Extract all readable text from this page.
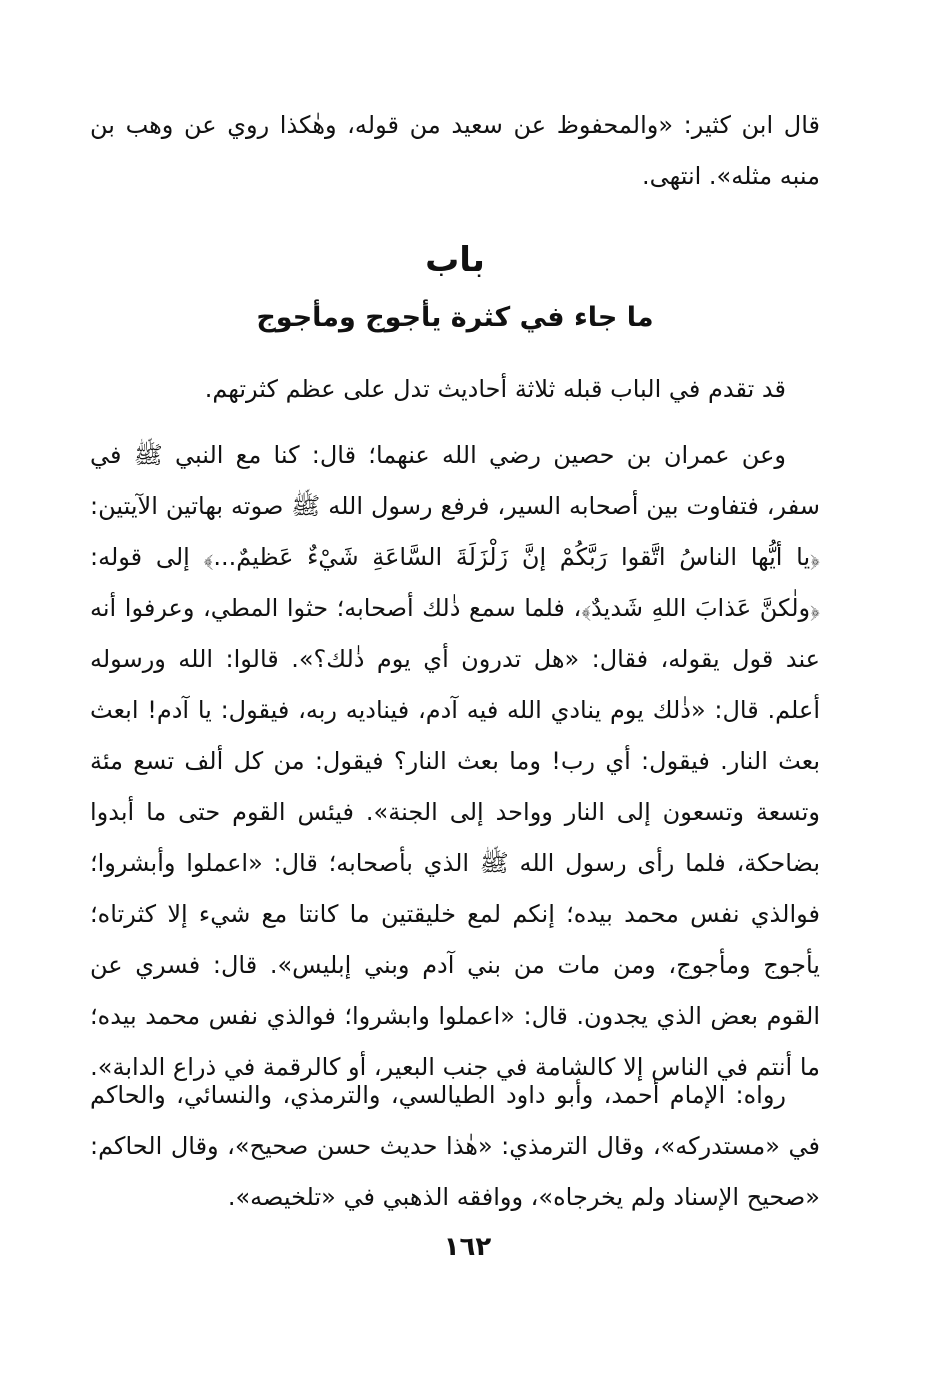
قال ابن كثير: «والمحفوظ عن سعيد من قوله، وهٰكذا روي عن وهب بن منبه مثله». انتهى.

باب
ما جاء في كثرة يأجوج ومأجوج

قد تقدم في الباب قبله ثلاثة أحاديث تدل على عظم كثرتهم.

وعن عمران بن حصين رضي الله عنهما؛ قال: كنا مع النبي ﷺ في سفر، فتفاوت بين أصحابه السير، فرفع رسول الله ﷺ صوته بهاتين الآيتين: ﴿يا أيُّها الناسُ اتَّقوا رَبَّكُمْ إنَّ زَلْزَلَةَ السَّاعَةِ شَيْءٌ عَظيمٌ...﴾ إلى قوله: ﴿ولٰكنَّ عَذابَ اللهِ شَديدٌ﴾، فلما سمع ذٰلك أصحابه؛ حثوا المطي، وعرفوا أنه عند قول يقوله، فقال: «هل تدرون أي يوم ذٰلك؟». قالوا: الله ورسوله أعلم. قال: «ذٰلك يوم ينادي الله فيه آدم، فيناديه ربه، فيقول: يا آدم! ابعث بعث النار. فيقول: أي رب! وما بعث النار؟ فيقول: من كل ألف تسع مئة وتسعة وتسعون إلى النار وواحد إلى الجنة». فيئس القوم حتى ما أبدوا بضاحكة، فلما رأى رسول الله ﷺ الذي بأصحابه؛ قال: «اعملوا وأبشروا؛ فوالذي نفس محمد بيده؛ إنكم لمع خليقتين ما كانتا مع شيء إلا كثرتاه؛ يأجوج ومأجوج، ومن مات من بني آدم وبني إبليس». قال: فسري عن القوم بعض الذي يجدون. قال: «اعملوا وابشروا؛ فوالذي نفس محمد بيده؛ ما أنتم في الناس إلا كالشامة في جنب البعير، أو كالرقمة في ذراع الدابة».

رواه: الإمام أحمد، وأبو داود الطيالسي، والترمذي، والنسائي، والحاكم في «مستدركه»، وقال الترمذي: «هٰذا حديث حسن صحيح»، وقال الحاكم: «صحيح الإسناد ولم يخرجاه»، ووافقه الذهبي في «تلخيصه».

١٦٢
